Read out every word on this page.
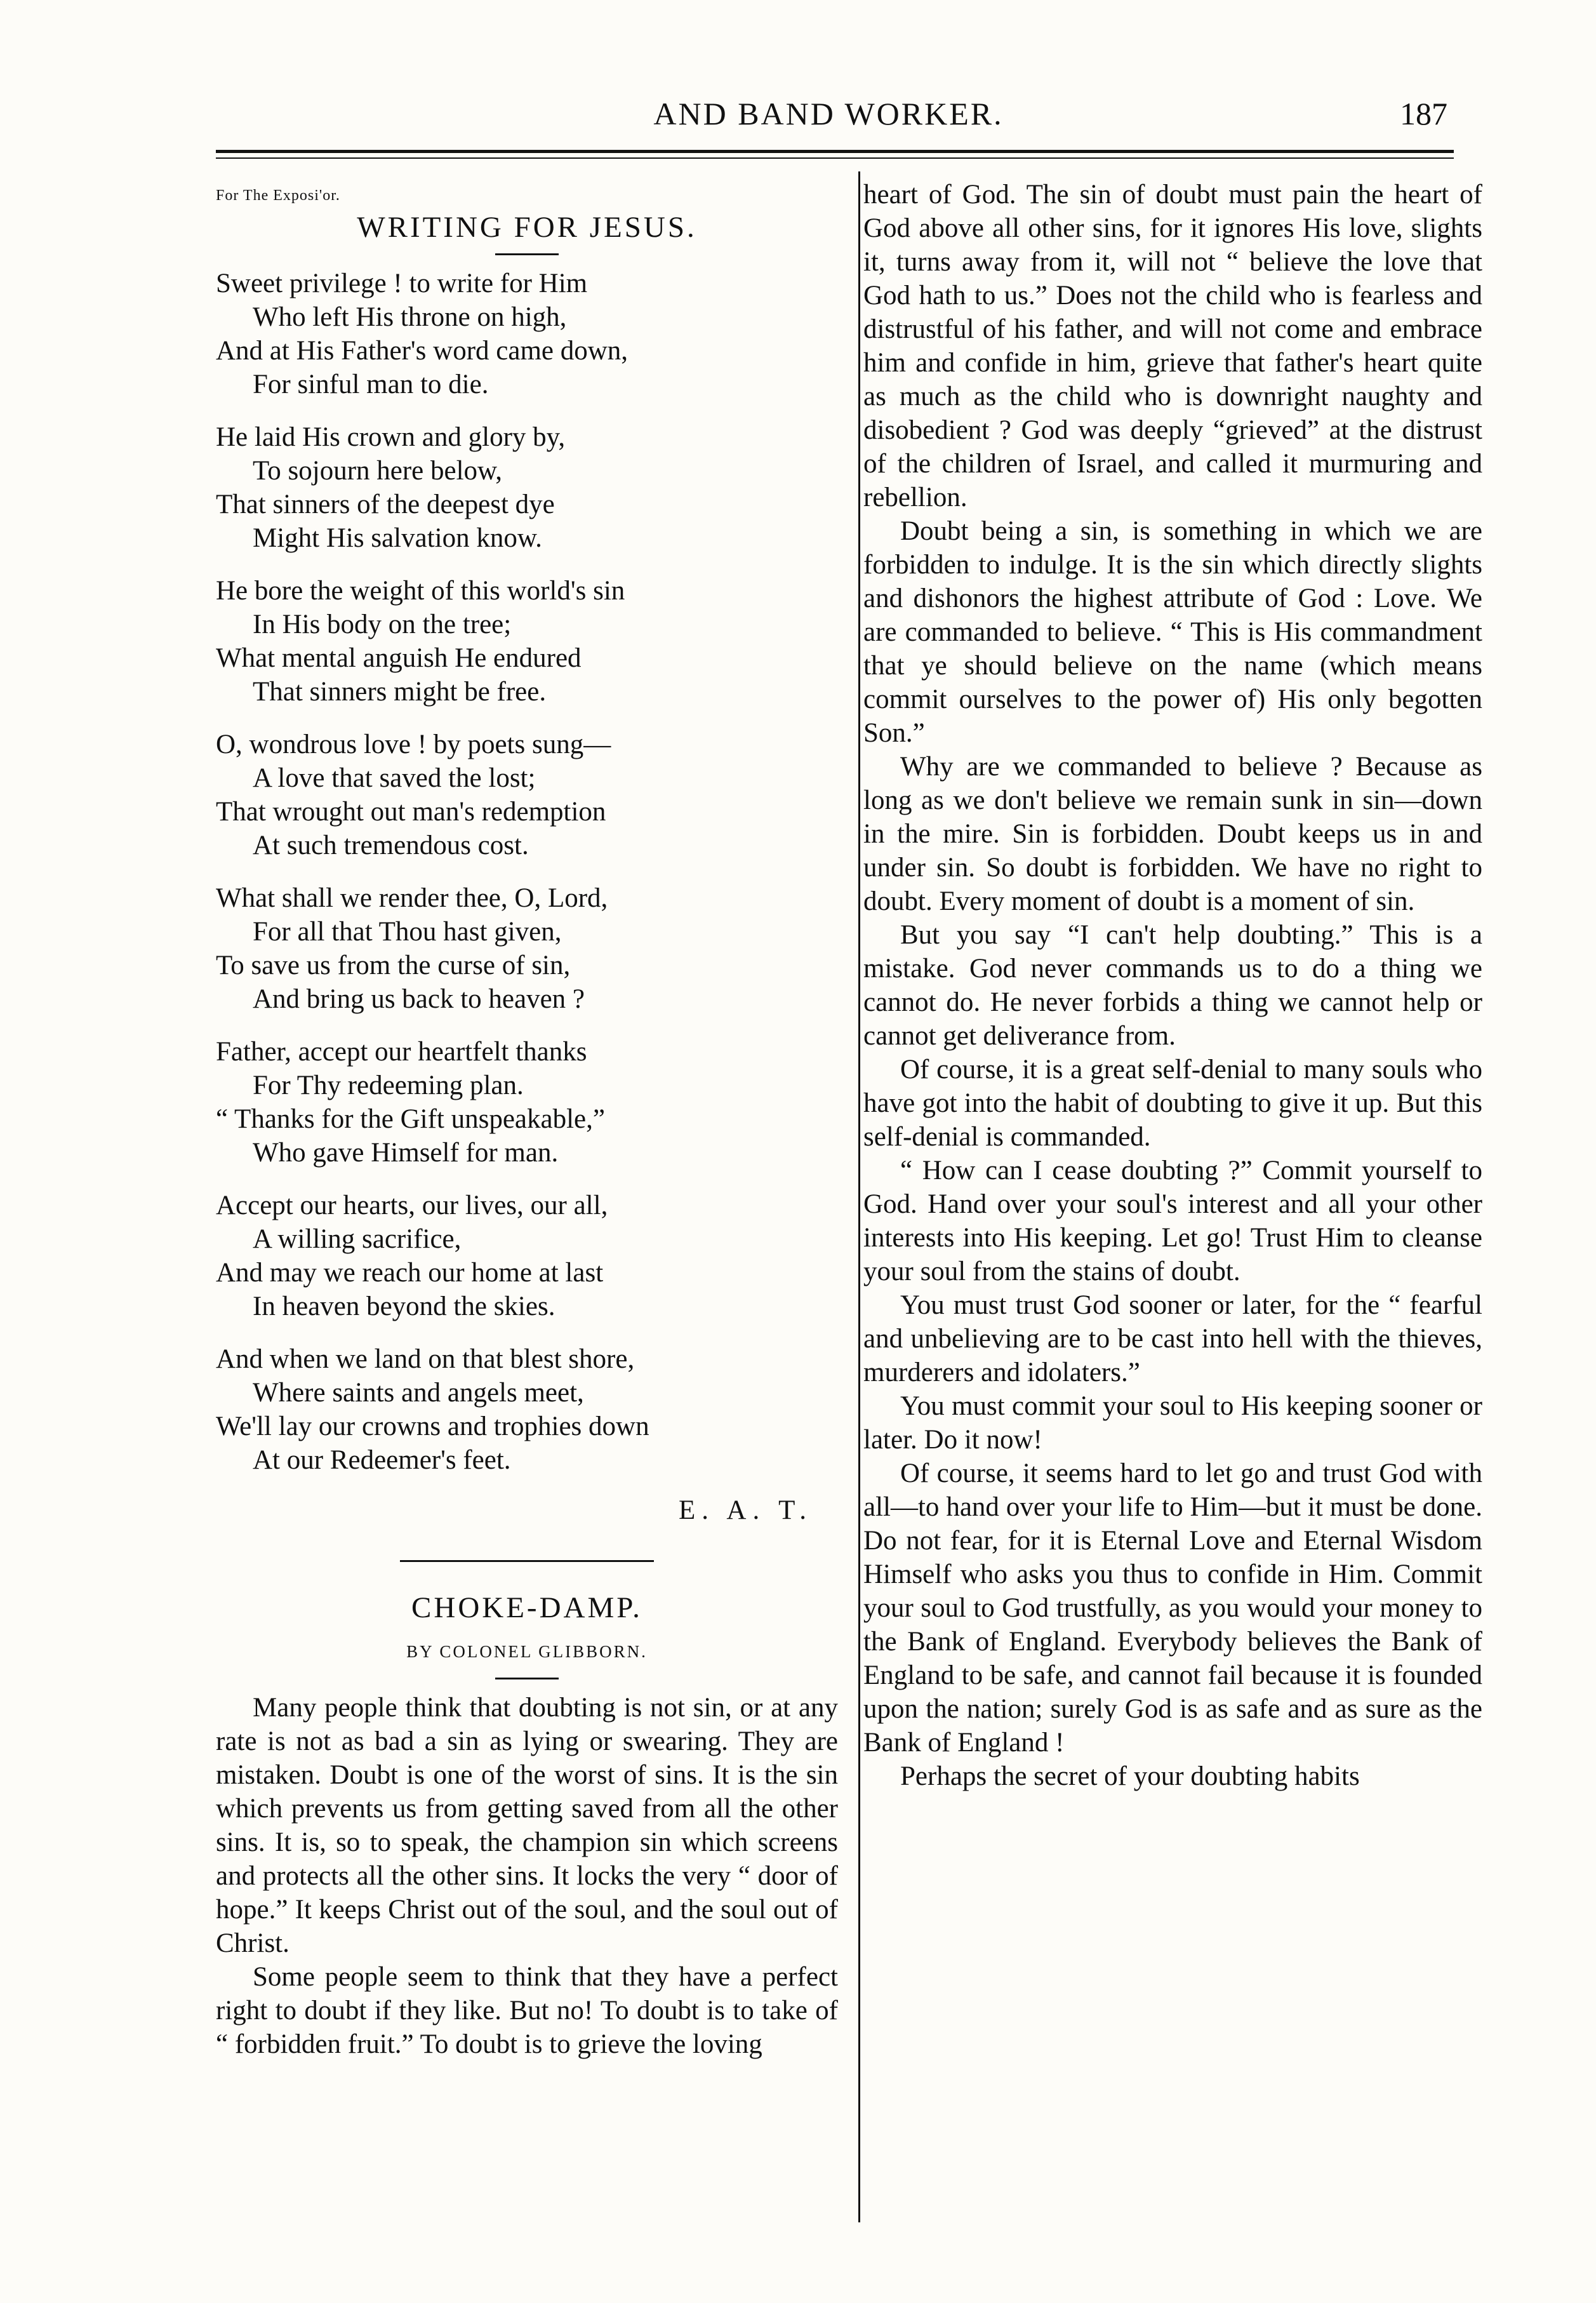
AND BAND WORKER.	187
For The Exposi'or.
WRITING FOR JESUS.
Sweet privilege ! to write for Him
Who left His throne on high,
And at His Father's word came down,
For sinful man to die.
He laid His crown and glory by,
To sojourn here below,
That sinners of the deepest dye
Might His salvation know.
He bore the weight of this world's sin
In His body on the tree;
What mental anguish He endured
That sinners might be free.
O, wondrous love ! by poets sung—
A love that saved the lost;
That wrought out man's redemption
At such tremendous cost.
What shall we render thee, O, Lord,
For all that Thou hast given,
To save us from the curse of sin,
And bring us back to heaven ?
Father, accept our heartfelt thanks
For Thy redeeming plan.
“ Thanks for the Gift unspeakable,”
Who gave Himself for man.
Accept our hearts, our lives, our all,
A willing sacrifice,
And may we reach our home at last
In heaven beyond the skies.
And when we land on that blest shore,
Where saints and angels meet,
We'll lay our crowns and trophies down
At our Redeemer's feet.
E. A. T.
CHOKE-DAMP.
BY COLONEL GLIBBORN.

Many people think that doubting is not sin, or at any rate is not as bad a sin as lying or swearing. They are mistaken. Doubt is one of the worst of sins. It is the sin which prevents us from getting saved from all the other sins. It is, so to speak, the champion sin which screens and protects all the other sins. It locks the very “ door of hope.” It keeps Christ out of the soul, and the soul out of Christ.

Some people seem to think that they have a perfect right to doubt if they like. But no! To doubt is to take of “ forbidden fruit.” To doubt is to grieve the loving

heart of God. The sin of doubt must pain the heart of God above all other sins, for it ignores His love, slights it, turns away from it, will not “ believe the love that God hath to us.” Does not the child who is fearless and distrustful of his father, and will not come and embrace him and confide in him, grieve that father's heart quite as much as the child who is downright naughty and disobedient ? God was deeply “grieved” at the distrust of the children of Israel, and called it murmuring and rebellion.

Doubt being a sin, is something in which we are forbidden to indulge. It is the sin which directly slights and dishonors the highest attribute of God : Love. We are commanded to believe. “ This is His commandment that ye should believe on the name (which means commit ourselves to the power of) His only begotten Son.”

Why are we commanded to believe ? Because as long as we don't believe we remain sunk in sin—down in the mire. Sin is forbidden. Doubt keeps us in and under sin. So doubt is forbidden. We have no right to doubt. Every moment of doubt is a moment of sin.

But you say “I can't help doubting.” This is a mistake. God never commands us to do a thing we cannot do. He never forbids a thing we cannot help or cannot get deliverance from.

Of course, it is a great self-denial to many souls who have got into the habit of doubting to give it up. But this self-denial is commanded.

“ How can I cease doubting ?” Commit yourself to God. Hand over your soul's interest and all your other interests into His keeping. Let go! Trust Him to cleanse your soul from the stains of doubt.

You must trust God sooner or later, for the “ fearful and unbelieving are to be cast into hell with the thieves, murderers and idolaters.”

You must commit your soul to His keeping sooner or later. Do it now!

Of course, it seems hard to let go and trust God with all—to hand over your life to Him—but it must be done. Do not fear, for it is Eternal Love and Eternal Wisdom Himself who asks you thus to confide in Him. Commit your soul to God trustfully, as you would your money to the Bank of England. Everybody believes the Bank of England to be safe, and cannot fail because it is founded upon the nation; surely God is as safe and as sure as the Bank of England !

Perhaps the secret of your doubting habits
